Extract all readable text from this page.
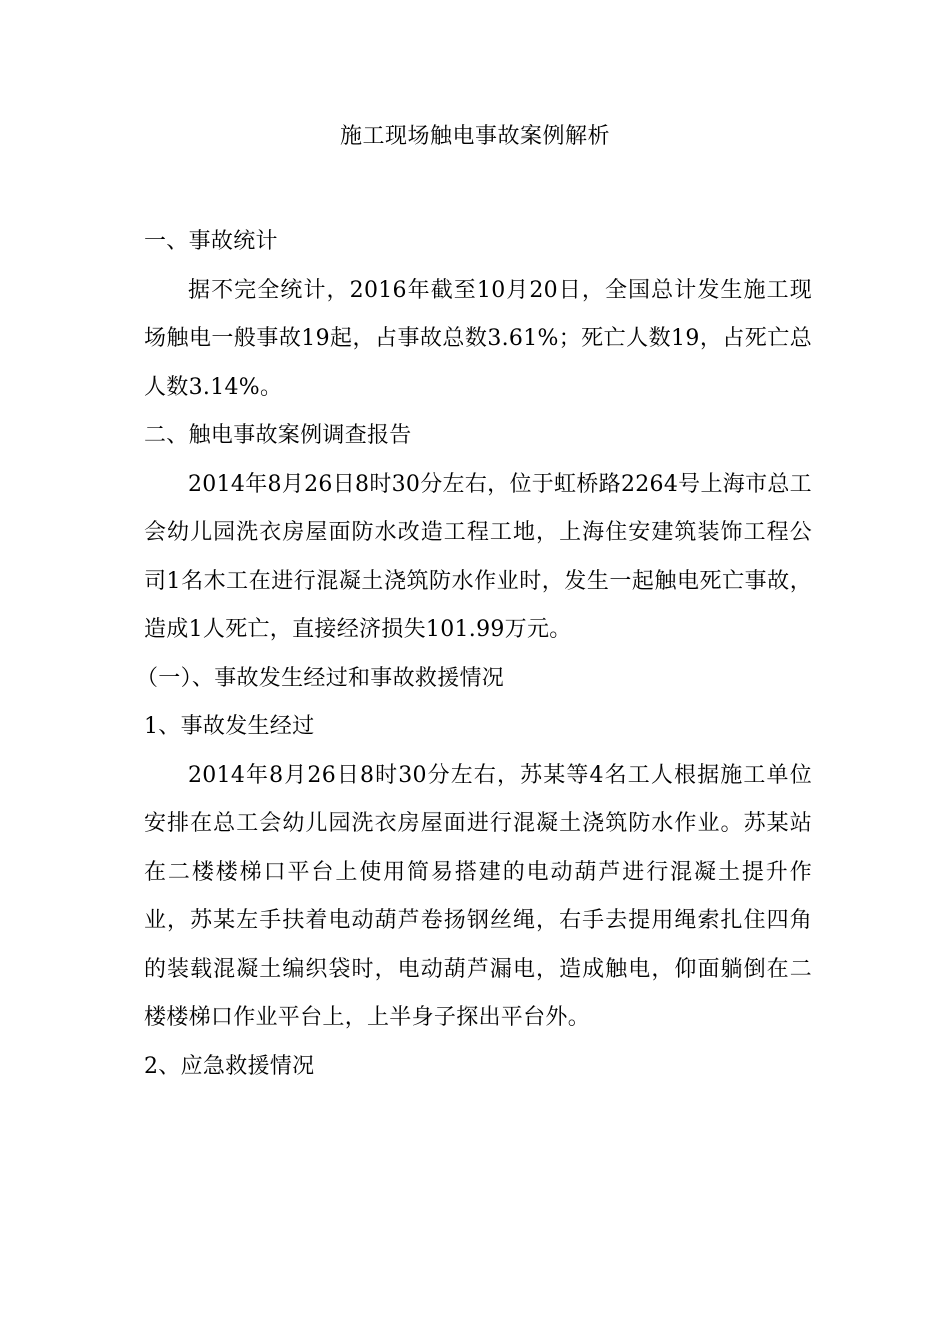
施工现场触电事故案例解析

一、事故统计

据不完全统计，2016年截至10月20日，全国总计发生施工现场触电一般事故19起，占事故总数3.61%；死亡人数19，占死亡总人数3.14%。

二、触电事故案例调查报告

2014年8月26日8时30分左右，位于虹桥路2264号上海市总工会幼儿园洗衣房屋面防水改造工程工地，上海住安建筑装饰工程公司1名木工在进行混凝土浇筑防水作业时，发生一起触电死亡事故，造成1人死亡，直接经济损失101.99万元。

（一）、事故发生经过和事故救援情况

1、事故发生经过

2014年8月26日8时30分左右，苏某等4名工人根据施工单位安排在总工会幼儿园洗衣房屋面进行混凝土浇筑防水作业。苏某站在二楼楼梯口平台上使用简易搭建的电动葫芦进行混凝土提升作业，苏某左手扶着电动葫芦卷扬钢丝绳，右手去提用绳索扎住四角的装载混凝土编织袋时，电动葫芦漏电，造成触电，仰面躺倒在二楼楼梯口作业平台上，上半身子探出平台外。

2、应急救援情况
